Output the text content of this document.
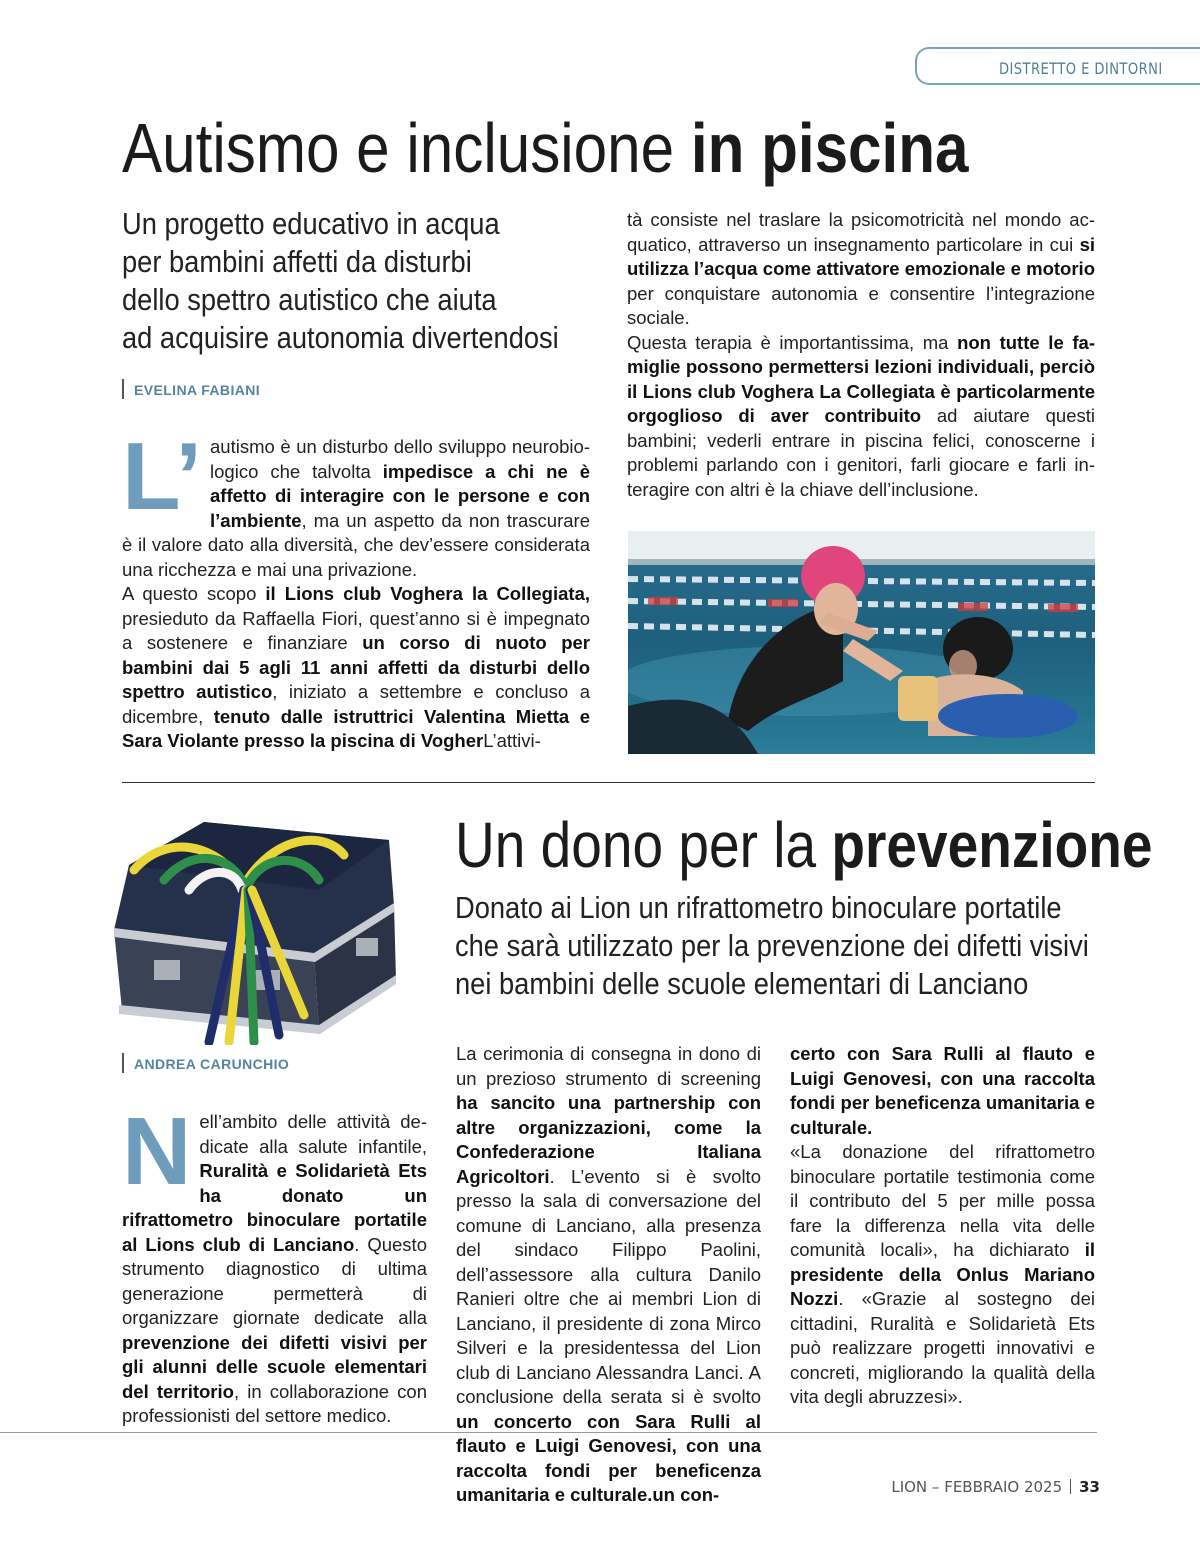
DISTRETTO E DINTORNI
Autismo e inclusione in piscina
Un progetto educativo in acqua
per bambini affetti da disturbi
dello spettro autistico che aiuta
ad acquisire autonomia divertendosi
EVELINA FABIANI

L’ autismo è un disturbo dello sviluppo neurobiologico che talvolta impedisce a chi ne è affetto di interagire con le persone e con l’ambiente, ma un aspetto da non trascurare è il valore dato alla diversità, che dev’essere considerata una ricchezza e mai una privazione.

A questo scopo il Lions club Voghera la Collegiata, presieduto da Raffaella Fiori, quest’anno si è impegnato a sostenere e finanziare un corso di nuoto per bambini dai 5 agli 11 anni affetti da disturbi dello spettro autistico, iniziato a settembre e concluso a dicembre, tenuto dalle istruttrici Valentina Mietta e Sara Violante presso la piscina di VogherL’attivi-

tà consiste nel traslare la psicomotricità nel mondo acquatico, attraverso un insegnamento particolare in cui si utilizza l’acqua come attivatore emozionale e motorio per conquistare autonomia e consentire l’integrazione sociale.

Questa terapia è importantissima, ma non tutte le famiglie possono permettersi lezioni individuali, perciò il Lions club Voghera La Collegiata è particolarmente orgoglioso di aver contribuito ad aiutare questi bambini; vederli entrare in piscina felici, conoscerne i problemi parlando con i genitori, farli giocare e farli interagire con altri è la chiave dell’inclusione.

Un dono per la prevenzione
Donato ai Lion un rifrattometro binoculare portatile
che sarà utilizzato per la prevenzione dei difetti visivi
nei bambini delle scuole elementari di Lanciano
ANDREA CARUNCHIO

Nell’ambito delle attività dedicate alla salute infantile, Ruralità e Solidarietà Ets ha donato un rifrattometro binoculare portatile al Lions club di Lanciano. Questo strumento diagnostico di ultima generazione permetterà di organizzare giornate dedicate alla prevenzione dei difetti visivi per gli alunni delle scuole elementari del territorio, in collaborazione con professionisti del settore medico.

La cerimonia di consegna in dono di un prezioso strumento di screening ha sancito una partnership con altre organizzazioni, come la Confederazione Italiana Agricoltori. L’evento si è svolto presso la sala di conversazione del comune di Lanciano, alla presenza del sindaco Filippo Paolini, dell’assessore alla cultura Danilo Ranieri oltre che ai membri Lion di Lanciano, il presidente di zona Mirco Silveri e la presidentessa del Lion club di Lanciano Alessandra Lanci. A conclusione della serata si è svolto un concerto con Sara Rulli al flauto e Luigi Genovesi, con una raccolta fondi per beneficenza umanitaria e culturale.un con-

certo con Sara Rulli al flauto e Luigi Genovesi, con una raccolta fondi per beneficenza umanitaria e culturale.

«La donazione del rifrattometro binoculare portatile testimonia come il contributo del 5 per mille possa fare la differenza nella vita delle comunità locali», ha dichiarato il presidente della Onlus Mariano Nozzi. «Grazie al sostegno dei cittadini, Ruralità e Solidarietà Ets può realizzare progetti innovativi e concreti, migliorando la qualità della vita degli abruzzesi».

LION – FEBBRAIO 2025 33
